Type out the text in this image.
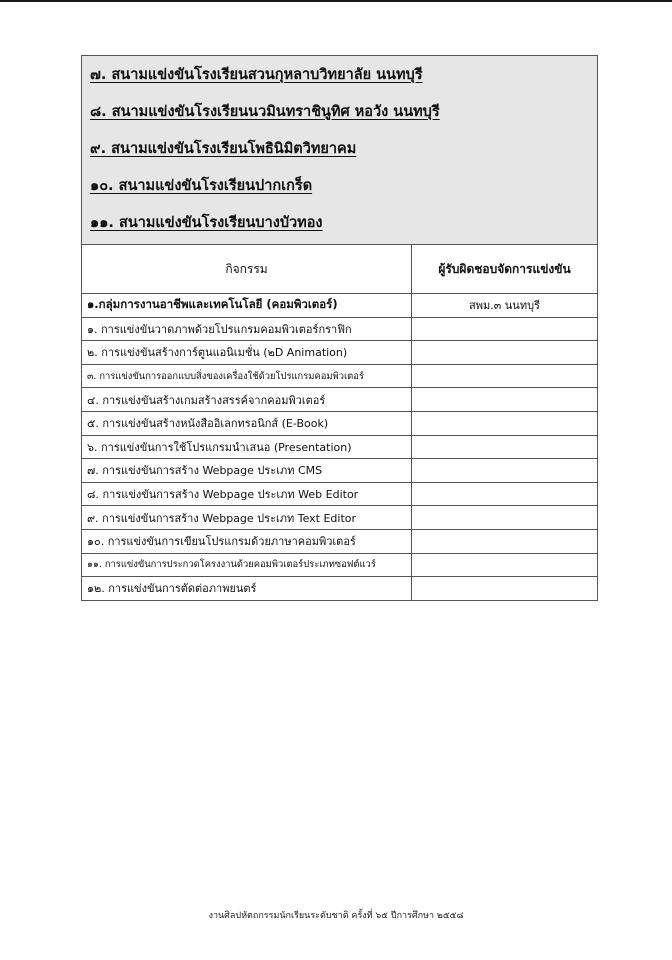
๗. สนามแข่งขันโรงเรียนสวนกุหลาบวิทยาลัย นนทบุรี
๘. สนามแข่งขันโรงเรียนนวมินทราชินูทิศ หอวัง นนทบุรี
๙. สนามแข่งขันโรงเรียนโพธินิมิตวิทยาคม
๑๐. สนามแข่งขันโรงเรียนปากเกร็ด
๑๑. สนามแข่งขันโรงเรียนบางบัวทอง	

กิจกรรม	ผู้รับผิดชอบจัดการแข่งขัน
๑.กลุ่มการงานอาชีพและเทคโนโลยี (คอมพิวเตอร์)	สพม.๓ นนทบุรี
๑. การแข่งขันวาดภาพด้วยโปรแกรมคอมพิวเตอร์กราฟิก	
๒. การแข่งขันสร้างการ์ตูนแอนิเมชั่น (๒D Animation)	
๓. การแข่งขันการออกแบบสิ่งของเครื่องใช้ด้วยโปรแกรมคอมพิวเตอร์	
๔. การแข่งขันสร้างเกมสร้างสรรค์จากคอมพิวเตอร์	
๕. การแข่งขันสร้างหนังสืออิเลกทรอนิกส์ (E-Book)	
๖. การแข่งขันการใช้โปรแกรมนำเสนอ (Presentation)	
๗. การแข่งขันการสร้าง Webpage ประเภท CMS	
๘. การแข่งขันการสร้าง Webpage ประเภท Web Editor	
๙. การแข่งขันการสร้าง Webpage ประเภท Text Editor	
๑๐. การแข่งขันการเขียนโปรแกรมด้วยภาษาคอมพิวเตอร์	
๑๑. การแข่งขันการประกวดโครงงานด้วยคอมพิวเตอร์ประเภทซอฟต์แวร์	
๑๒. การแข่งขันการตัดต่อภาพยนตร์	
งานศิลปหัตถกรรมนักเรียนระดับชาติ ครั้งที่ ๖๕ ปีการศึกษา ๒๕๕๘
